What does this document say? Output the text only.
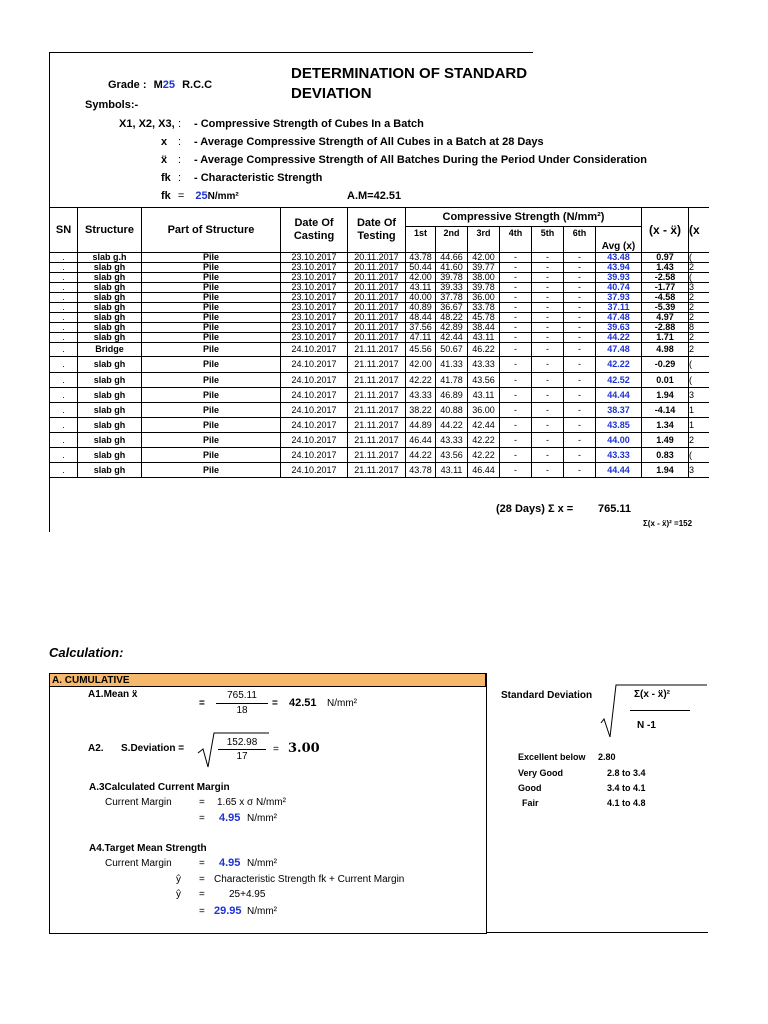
DETERMINATION OF STANDARD
DEVIATION
Grade : M25 R.C.C
Symbols:-
X1, X2, X3, : - Compressive Strength of Cubes In a Batch
x : - Average Compressive Strength of All Cubes in a Batch at 28 Days
ẍ : - Average Compressive Strength of All Batches During the Period Under Consideration
fk : - Characteristic Strength
fk = 25N/mm²	A.M=42.51
SN	Structure	Part of Structure	Date Of Casting	Date Of Testing	Compressive Strength (N/mm²)							(x - ẍ)	(x
					1st	2nd	3rd	4th	5th	6th	Avg (x)		
.	slab g.h	Pile	23.10.2017	20.11.2017	43.78	44.66	42.00	-	-	-	43.48	0.97	(
.	slab gh	Pile	23.10.2017	20.11.2017	50.44	41.60	39.77	-	-	-	43.94	1.43	2
.	slab gh	Pile	23.10.2017	20.11.2017	42.00	39.78	38.00	-	-	-	39.93	-2.58	(
.	slab gh	Pile	23.10.2017	20.11.2017	43.11	39.33	39.78	-	-	-	40.74	-1.77	3
.	slab gh	Pile	23.10.2017	20.11.2017	40.00	37.78	36.00	-	-	-	37.93	-4.58	2
.	slab gh	Pile	23.10.2017	20.11.2017	40.89	36.67	33.78	-	-	-	37.11	-5.39	2
.	slab gh	Pile	23.10.2017	20.11.2017	48.44	48.22	45.78	-	-	-	47.48	4.97	2
.	slab gh	Pile	23.10.2017	20.11.2017	37.56	42.89	38.44	-	-	-	39.63	-2.88	8
.	slab gh	Pile	23.10.2017	20.11.2017	47.11	42.44	43.11	-	-	-	44.22	1.71	2
.	Bridge	Pile	24.10.2017	21.11.2017	45.56	50.67	46.22	-	-	-	47.48	4.98	2
.	slab gh	Pile	24.10.2017	21.11.2017	42.00	41.33	43.33	-	-	-	42.22	-0.29	(
.	slab gh	Pile	24.10.2017	21.11.2017	42.22	41.78	43.56	-	-	-	42.52	0.01	(
.	slab gh	Pile	24.10.2017	21.11.2017	43.33	46.89	43.11	-	-	-	44.44	1.94	3
.	slab gh	Pile	24.10.2017	21.11.2017	38.22	40.88	36.00	-	-	-	38.37	-4.14	1
.	slab gh	Pile	24.10.2017	21.11.2017	44.89	44.22	42.44	-	-	-	43.85	1.34	1
.	slab gh	Pile	24.10.2017	21.11.2017	46.44	43.33	42.22	-	-	-	44.00	1.49	2
.	slab gh	Pile	24.10.2017	21.11.2017	44.22	43.56	42.22	-	-	-	43.33	0.83	(
.	slab gh	Pile	24.10.2017	21.11.2017	43.78	43.11	46.44	-	-	-	44.44	1.94	3
(28 Days) Σ x = 765.11
Σ(x - ẍ)² =152
Calculation:
A. CUMULATIVE
A1.Mean ẍ
= $\frac{765.11}{18} = 42.51$ N/mm²
A2. S.Deviation =	$\frac{152.98}{17} = 3.00$
A.3Calculated Current Margin
Current Margin	= 1.65 x σ N/mm²
= 4.95 N/mm²
A4.Target Mean Strength
Current Margin	= 4.95 N/mm²
ŷ = Characteristic Strength fk + Current Margin
ŷ = 25+4.95
= 29.95 N/mm²
Standard Deviation	Σ(x - ẍ)²
N -1
Excellent below 2.80
Very Good	2.8 to 3.4
Good	3.4 to 4.1
Fair	4.1 to 4.8
